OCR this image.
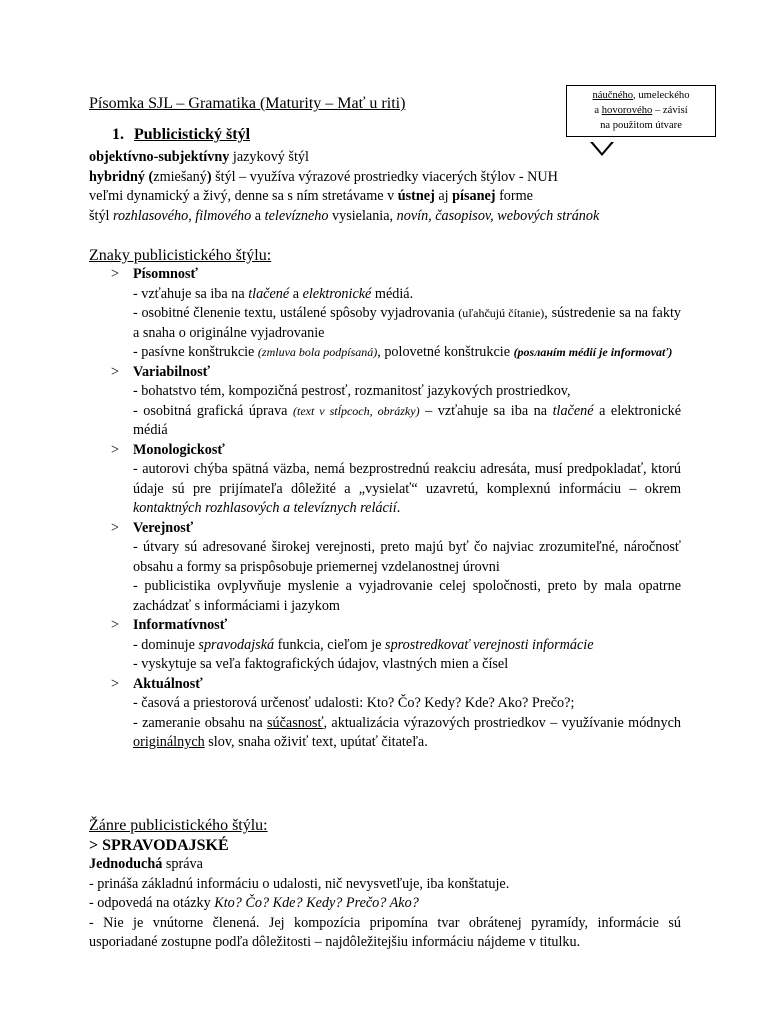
Písomka SJL – Gramatika (Maturity – Mať u riti)	náučného, umeleckého
a hovorového – závisí
na použitom útvare
1. Publicistický štýl
objektívno-subjektívny jazykový štýl
hybridný (zmiešaný) štýl – využíva výrazové prostriedky viacerých štýlov - NUH
veľmi dynamický a živý, denne sa s ním stretávame v ústnej aj písanej forme
štýl rozhlasového, filmového a televízneho vysielania, novín, časopisov, webových stránok
Znaky publicistického štýlu:
> Písomnosť
- vzťahuje sa iba na tlačené a elektronické médiá.
- osobitné členenie textu, ustálené spôsoby vyjadrovania (uľahčujú čítanie), sústredenie sa na fakty a snaha o originálne vyjadrovanie
- pasívne konštrukcie (zmluva bola podpísaná), polovetné konštrukcie (posланím médií je informovať)
> Variabilnosť
- bohatstvo tém, kompozičná pestrosť, rozmanitosť jazykových prostriedkov,
- osobitná grafická úprava (text v stĺpcoch, obrázky) – vzťahuje sa iba na tlačené a elektronické médiá
> Monologickosť
- autorovi chýba spätná väzba, nemá bezprostrednú reakciu adresáta, musí predpokladať, ktorú údaje sú pre prijímateľa dôležité a „vysielať“ uzavretú, komplexnú informáciu – okrem kontaktných rozhlasových a televíznych relácií.
> Verejnosť
- útvary sú adresované širokej verejnosti, preto majú byť čo najviac zrozumiteľné, náročnosť obsahu a formy sa prispôsobuje priemernej vzdelanostnej úrovni
- publicistika ovplyvňuje myslenie a vyjadrovanie celej spoločnosti, preto by mala opatrne zachádzať s informáciami i jazykom
> Informatívnosť
- dominuje spravodajská funkcia, cieľom je sprostredkovať verejnosti informácie
- vyskytuje sa veľa faktografických údajov, vlastných mien a čísel
> Aktuálnosť
- časová a priestorová určenosť udalosti: Kto? Čo? Kedy? Kde? Ako? Prečo?;
- zameranie obsahu na súčasnosť, aktualizácia výrazových prostriedkov – využívanie módnych originálnych slov, snaha oživiť text, upútať čitateľa.
Žánre publicistického štýlu:
> SPRAVODAJSKÉ
Jednoduchá správa
- prináša základnú informáciu o udalosti, nič nevysvetľuje, iba konštatuje.
- odpovedá na otázky Kto? Čo? Kde? Kedy? Prečo? Ako?
- Nie je vnútorne členená. Jej kompozícia pripomína tvar obrátenej pyramídy, informácie sú usporiadané zostupne podľa dôležitosti – najdôležitejšiu informáciu nájdeme v titulku.
